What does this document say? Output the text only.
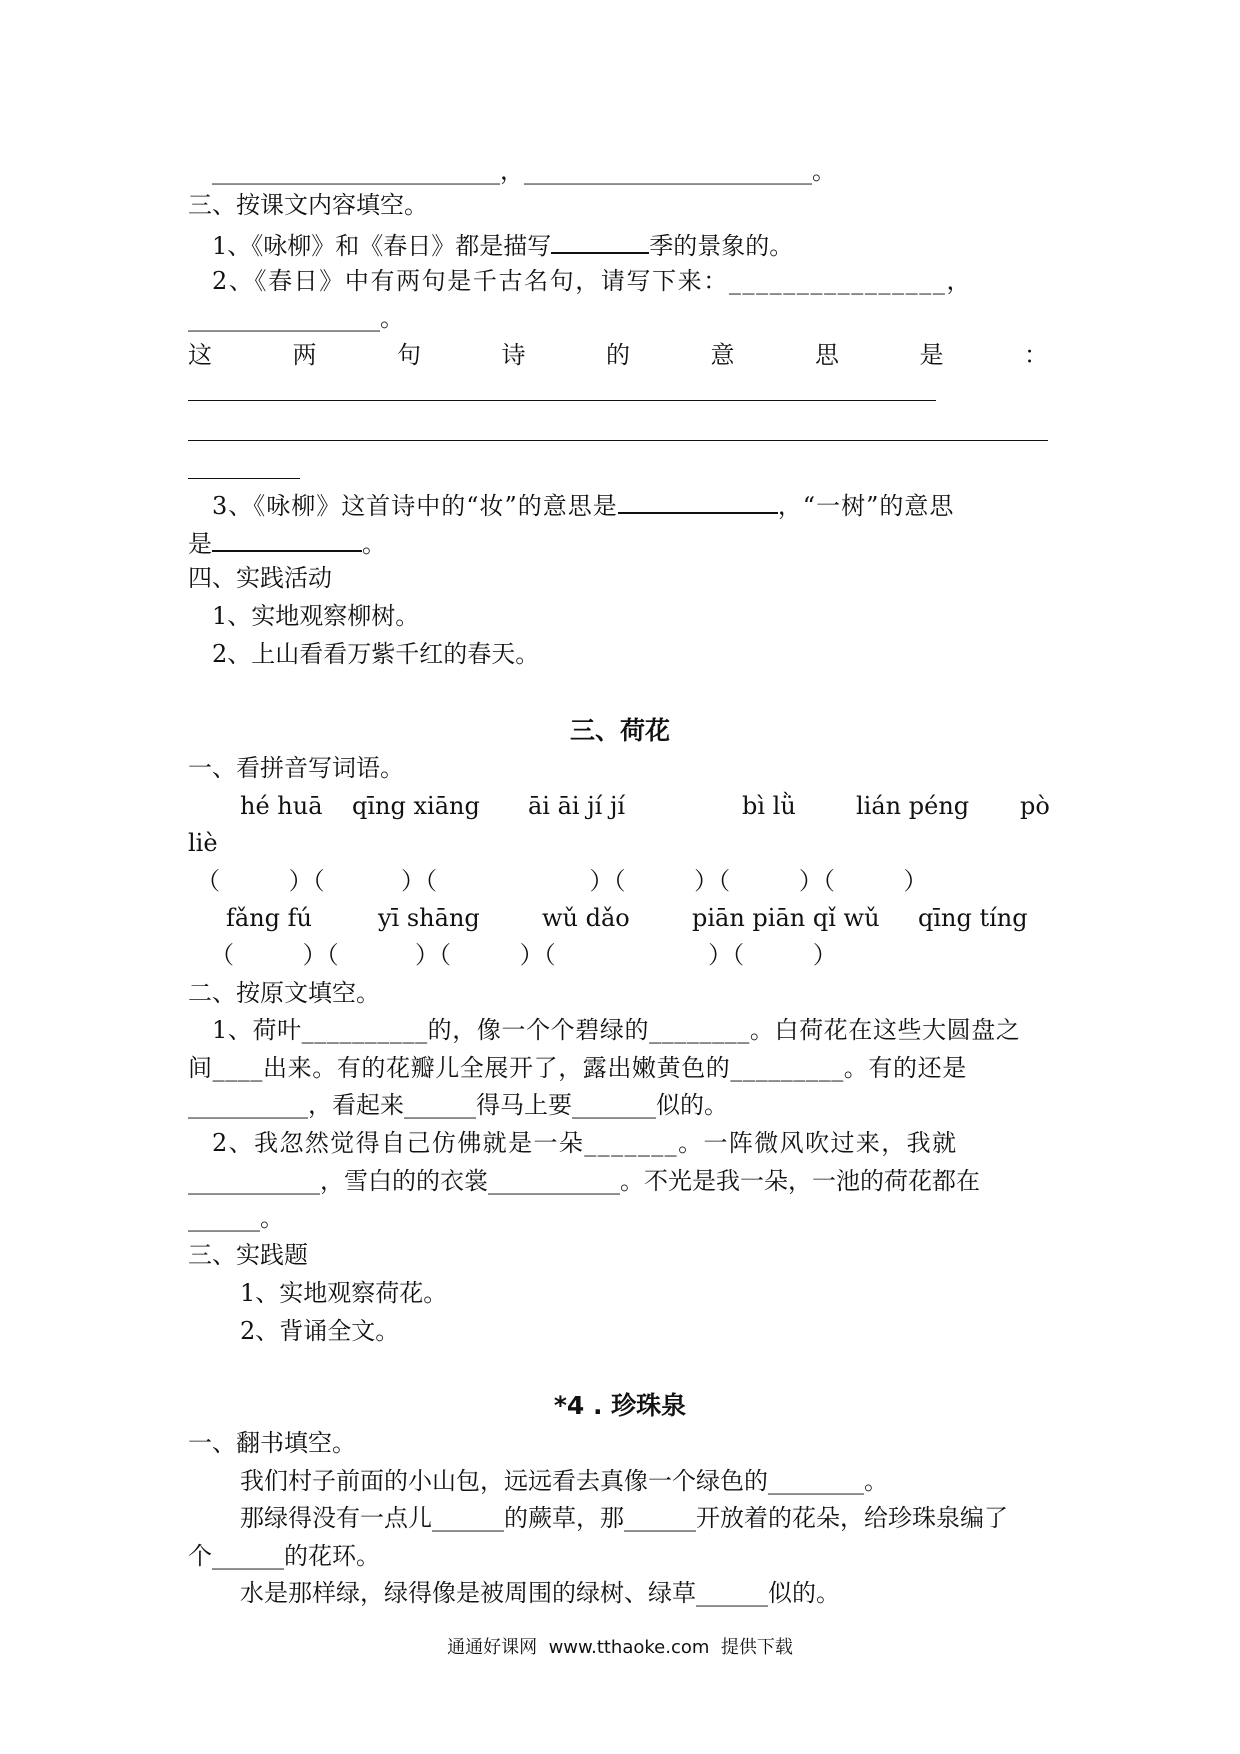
________________________，________________________。
三、按课文内容填空。
1、《咏柳》和《春日》都是描写	季的景象的。
2、《春日》中有两句是千古名句，请写下来：________________，
________________。
这	两	句	诗	的	意	思	是	：
3、《咏柳》这首诗中的“妆”的意思是	，“一树”的意思
是	。
四、实践活动
1、实地观察柳树。
2、上山看看万紫千红的春天。
三、荷花
一、看拼音写词语。
hé huā qīng xiāng āi āi jí jí	bì lǜ	lián péng pò
liè
（         ）（          ）（                    ）（         ）（         ）（         ）
fǎng fú	yī shāng	wǔ dǎo	piān piān qǐ wǔ qīng tíng
（         ）（          ）（         ）（                    ）（         ）
二、按原文填空。
1、荷叶__________的，像一个个碧绿的________。白荷花在这些大圆盘之
间____出来。有的花瓣儿全展开了，露出嫩黄色的_________。有的还是
__________，看起来______得马上要_______似的。
2、我忽然觉得自己仿佛就是一朵_______。一阵微风吹过来，我就
___________，雪白的的衣裳___________。不光是我一朵，一池的荷花都在
______。
三、实践题
1、实地观察荷花。
2、背诵全文。
*4 . 珍珠泉
一、翻书填空。
我们村子前面的小山包，远远看去真像一个绿色的________。
那绿得没有一点儿______的蕨草，那______开放着的花朵，给珍珠泉编了
个______的花环。
水是那样绿，绿得像是被周围的绿树、绿草______似的。
通通好课网  www.tthaoke.com  提供下载
